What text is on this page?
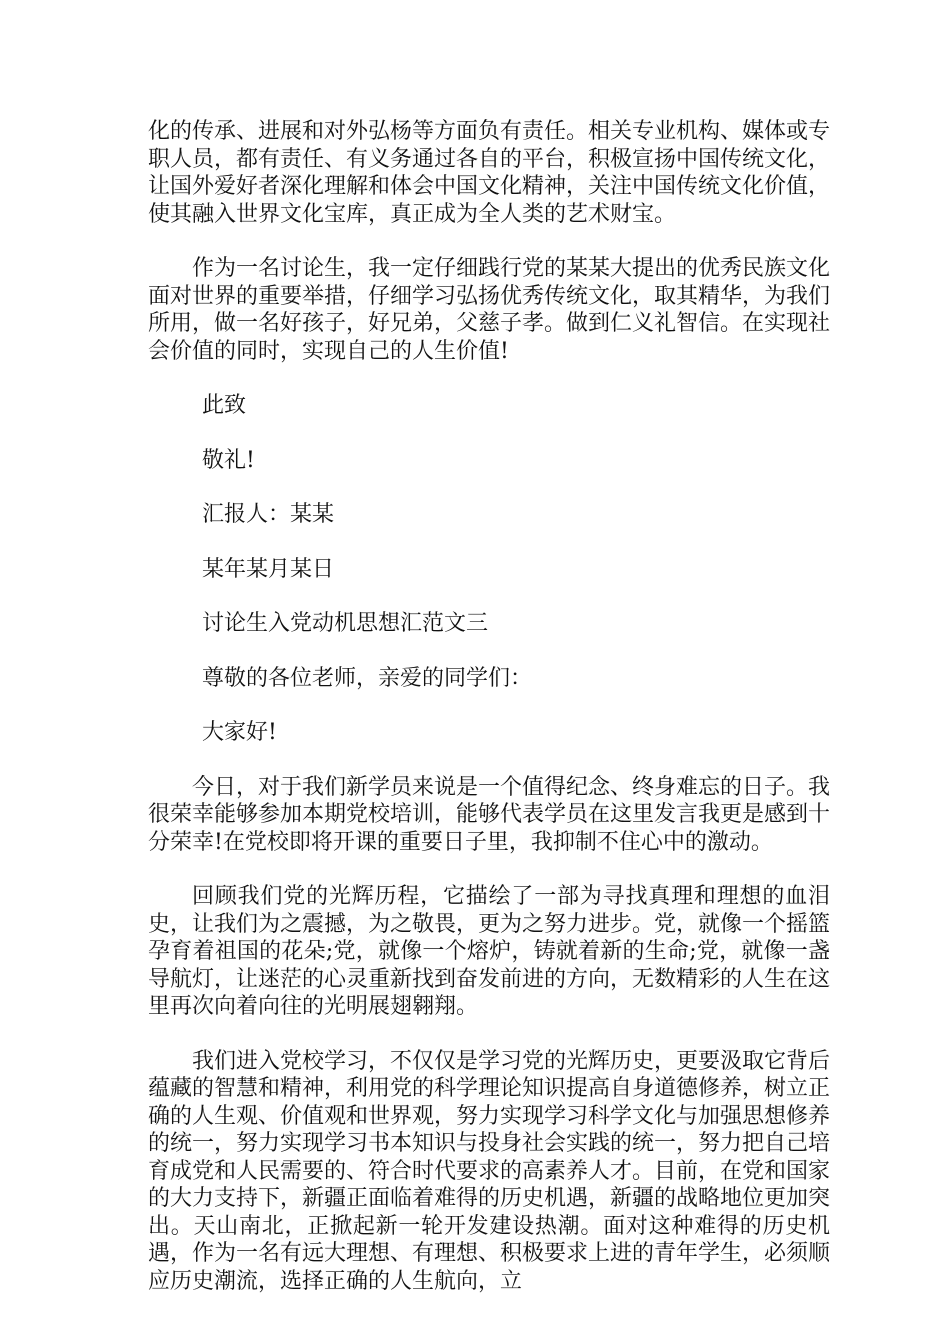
化的传承、进展和对外弘杨等方面负有责任。相关专业机构、媒体或专职人员，都有责任、有义务通过各自的平台，积极宣扬中国传统文化，让国外爱好者深化理解和体会中国文化精神，关注中国传统文化价值，使其融入世界文化宝库，真正成为全人类的艺术财宝。

作为一名讨论生，我一定仔细践行党的某某大提出的优秀民族文化面对世界的重要举措，仔细学习弘扬优秀传统文化，取其精华，为我们所用，做一名好孩子，好兄弟，父慈子孝。做到仁义礼智信。在实现社会价值的同时，实现自己的人生价值!

此致

敬礼!

汇报人：某某

某年某月某日

讨论生入党动机思想汇范文三

尊敬的各位老师，亲爱的同学们：

大家好!

今日，对于我们新学员来说是一个值得纪念、终身难忘的日子。我很荣幸能够参加本期党校培训，能够代表学员在这里发言我更是感到十分荣幸!在党校即将开课的重要日子里，我抑制不住心中的激动。

回顾我们党的光辉历程，它描绘了一部为寻找真理和理想的血泪史，让我们为之震撼，为之敬畏，更为之努力进步。党，就像一个摇篮孕育着祖国的花朵;党，就像一个熔炉，铸就着新的生命;党，就像一盏导航灯，让迷茫的心灵重新找到奋发前进的方向，无数精彩的人生在这里再次向着向往的光明展翅翱翔。

我们进入党校学习，不仅仅是学习党的光辉历史，更要汲取它背后蕴藏的智慧和精神，利用党的科学理论知识提高自身道德修养，树立正确的人生观、价值观和世界观，努力实现学习科学文化与加强思想修养的统一，努力实现学习书本知识与投身社会实践的统一，努力把自己培育成党和人民需要的、符合时代要求的高素养人才。目前，在党和国家的大力支持下，新疆正面临着难得的历史机遇，新疆的战略地位更加突出。天山南北，正掀起新一轮开发建设热潮。面对这种难得的历史机遇，作为一名有远大理想、有理想、积极要求上进的青年学生，必须顺应历史潮流，选择正确的人生航向，立
